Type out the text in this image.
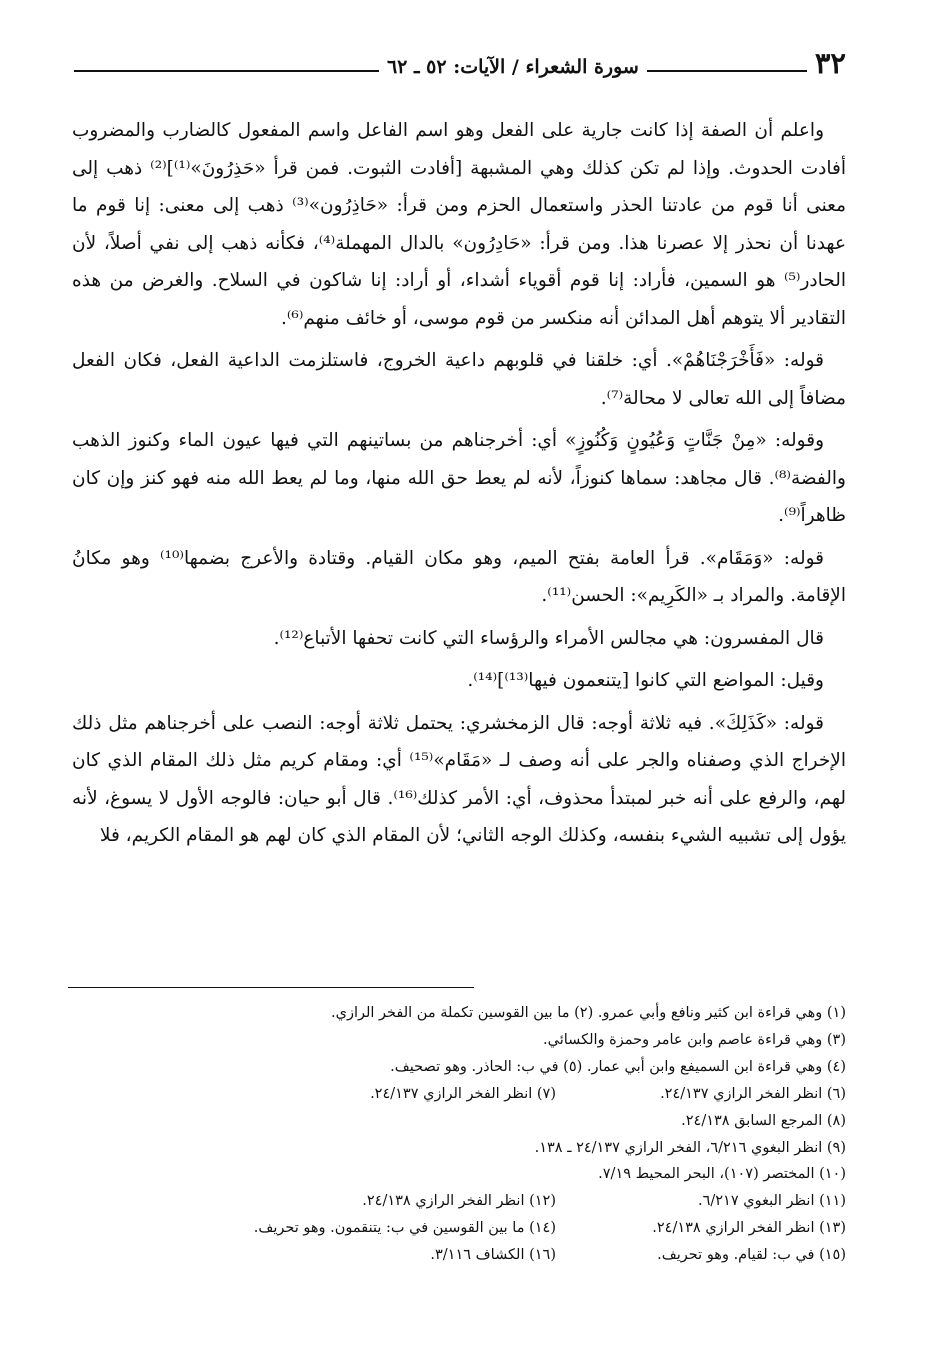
٣٢
سورة الشعراء / الآيات: ٥٢ ـ ٦٢

واعلم أن الصفة إذا كانت جارية على الفعل وهو اسم الفاعل واسم المفعول كالضارب والمضروب أفادت الحدوث. وإذا لم تكن كذلك وهي المشبهة [أفادت الثبوت. فمن قرأ «حَذِرُونَ»⁽¹⁾]⁽²⁾ ذهب إلى معنى أنا قوم من عادتنا الحذر واستعمال الحزم ومن قرأ: «حَاذِرُون»⁽³⁾ ذهب إلى معنى: إنا قوم ما عهدنا أن نحذر إلا عصرنا هذا. ومن قرأ: «حَادِرُون» بالدال المهملة⁽⁴⁾، فكأنه ذهب إلى نفي أصلاً، لأن الحادر⁽⁵⁾ هو السمين، فأراد: إنا قوم أقوياء أشداء، أو أراد: إنا شاكون في السلاح. والغرض من هذه التقادير ألا يتوهم أهل المدائن أنه منكسر من قوم موسى، أو خائف منهم⁽⁶⁾.

قوله: «فَأَخْرَجْنَاهُمْ». أي: خلقنا في قلوبهم داعية الخروج، فاستلزمت الداعية الفعل، فكان الفعل مضافاً إلى الله تعالى لا محالة⁽⁷⁾.

وقوله: «مِنْ جَنَّاتٍ وَعُيُونٍ وَكُنُوزٍ» أي: أخرجناهم من بساتينهم التي فيها عيون الماء وكنوز الذهب والفضة⁽⁸⁾. قال مجاهد: سماها كنوزاً، لأنه لم يعط حق الله منها، وما لم يعط الله منه فهو كنز وإن كان ظاهراً⁽⁹⁾.

قوله: «وَمَقَام». قرأ العامة بفتح الميم، وهو مكان القيام. وقتادة والأعرج بضمها⁽¹⁰⁾ وهو مكانُ الإقامة. والمراد بـ «الكَرِيم»: الحسن⁽¹¹⁾.

قال المفسرون: هي مجالس الأمراء والرؤساء التي كانت تحفها الأتباع⁽¹²⁾.

وقيل: المواضع التي كانوا [يتنعمون فيها⁽¹³⁾]⁽¹⁴⁾.

قوله: «كَذَلِكَ». فيه ثلاثة أوجه: قال الزمخشري: يحتمل ثلاثة أوجه: النصب على أخرجناهم مثل ذلك الإخراج الذي وصفناه والجر على أنه وصف لـ «مَقَام»⁽¹⁵⁾ أي: ومقام كريم مثل ذلك المقام الذي كان لهم، والرفع على أنه خبر لمبتدأ محذوف، أي: الأمر كذلك⁽¹⁶⁾. قال أبو حيان: فالوجه الأول لا يسوغ، لأنه يؤول إلى تشبيه الشيء بنفسه، وكذلك الوجه الثاني؛ لأن المقام الذي كان لهم هو المقام الكريم، فلا

(١) وهي قراءة ابن كثير ونافع وأبي عمرو. (٢) ما بين القوسين تكملة من الفخر الرازي.
(٣) وهي قراءة عاصم وابن عامر وحمزة والكسائي.
(٤) وهي قراءة ابن السميفع وابن أبي عمار. (٥) في ب: الحاذر. وهو تصحيف.
(٦) انظر الفخر الرازي ٢٤/١٣٧.
(٧) انظر الفخر الرازي ٢٤/١٣٧.
(٨) المرجع السابق ٢٤/١٣٨.
(٩) انظر البغوي ٦/٢١٦، الفخر الرازي ٢٤/١٣٧ ـ ١٣٨.
(١٠) المختصر (١٠٧)، البحر المحيط ٧/١٩.
(١١) انظر البغوي ٦/٢١٧.
(١٢) انظر الفخر الرازي ٢٤/١٣٨.
(١٣) انظر الفخر الرازي ٢٤/١٣٨.
(١٤) ما بين القوسين في ب: يتنقمون. وهو تحريف.
(١٥) في ب: لقيام. وهو تحريف.
(١٦) الكشاف ٣/١١٦.
